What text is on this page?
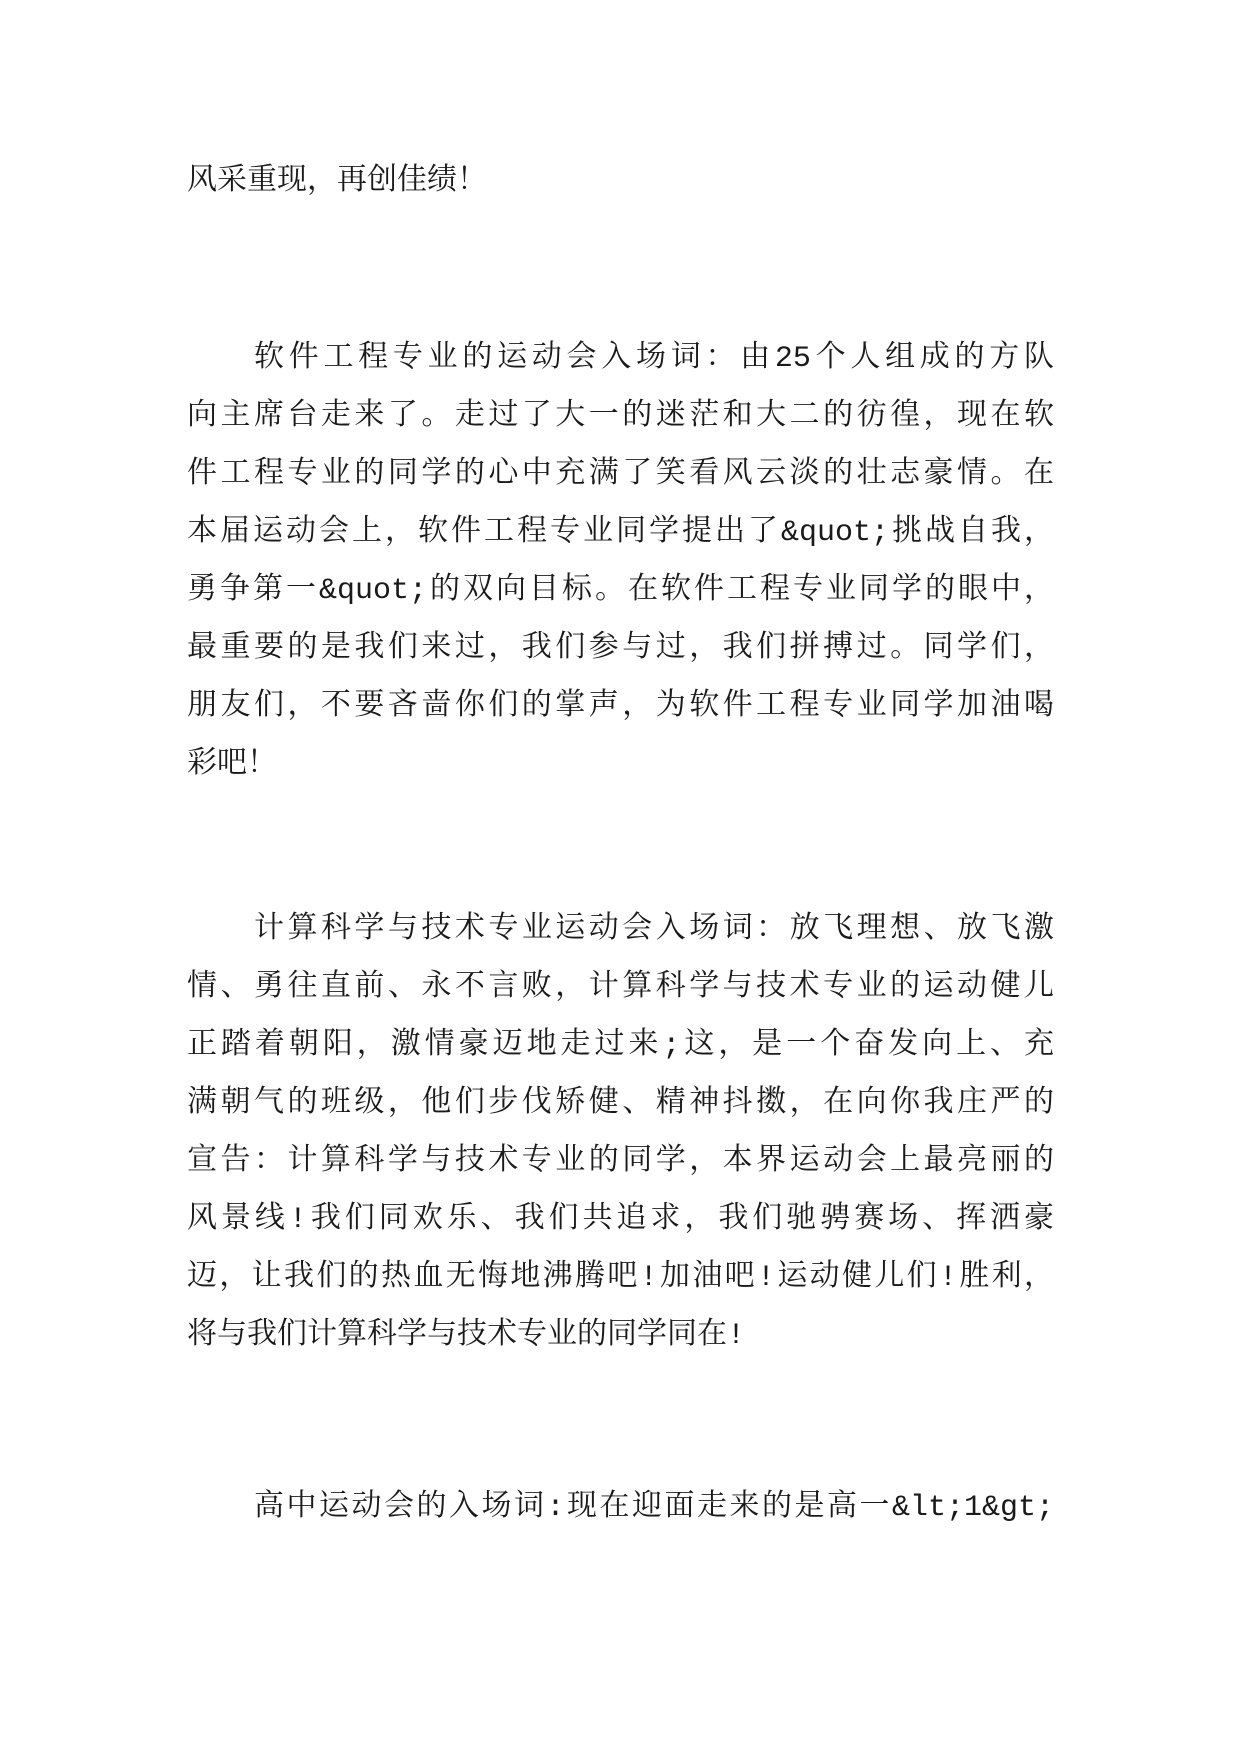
风采重现，再创佳绩！
软件工程专业的运动会入场词：由25个人组成的方队
向主席台走来了。走过了大一的迷茫和大二的彷徨，现在软
件工程专业的同学的心中充满了笑看风云淡的壮志豪情。在
本届运动会上，软件工程专业同学提出了&quot;挑战自我，
勇争第一&quot;的双向目标。在软件工程专业同学的眼中，
最重要的是我们来过，我们参与过，我们拼搏过。同学们，
朋友们，不要吝啬你们的掌声，为软件工程专业同学加油喝
彩吧！
计算科学与技术专业运动会入场词：放飞理想、放飞激
情、勇往直前、永不言败，计算科学与技术专业的运动健儿
正踏着朝阳，激情豪迈地走过来;这，是一个奋发向上、充
满朝气的班级，他们步伐矫健、精神抖擞，在向你我庄严的
宣告：计算科学与技术专业的同学，本界运动会上最亮丽的
风景线!我们同欢乐、我们共追求，我们驰骋赛场、挥洒豪
迈，让我们的热血无悔地沸腾吧!加油吧!运动健儿们!胜利，
将与我们计算科学与技术专业的同学同在!
高中运动会的入场词:现在迎面走来的是高一&lt;1&gt;
